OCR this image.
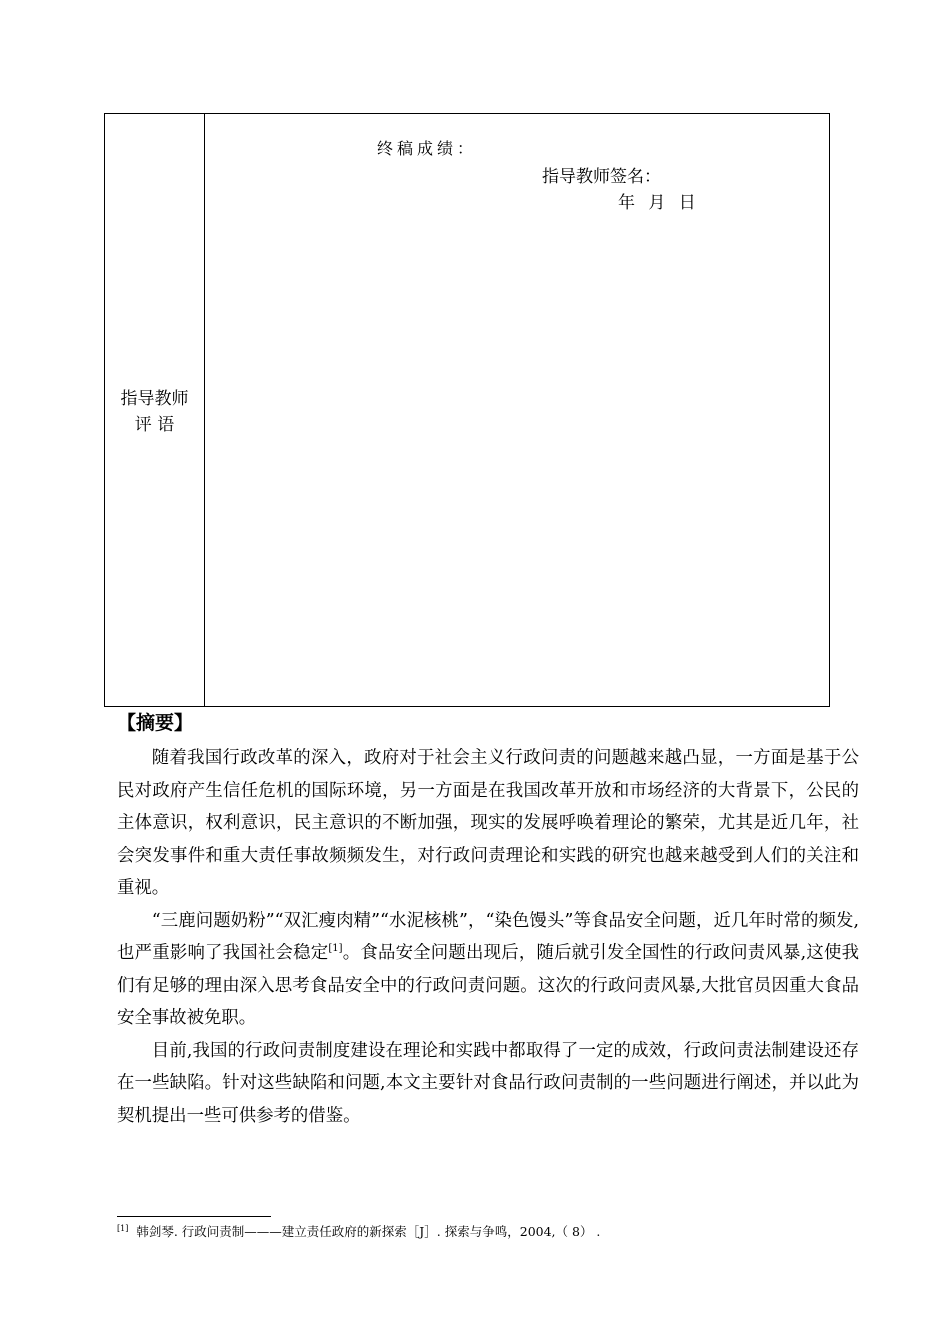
指导教师
评 语
终稿成绩：
指导教师签名：
年 月 日
【摘要】

随着我国行政改革的深入，政府对于社会主义行政问责的问题越来越凸显，一方面是基于公民对政府产生信任危机的国际环境，另一方面是在我国改革开放和市场经济的大背景下，公民的主体意识，权利意识，民主意识的不断加强，现实的发展呼唤着理论的繁荣，尤其是近几年，社会突发事件和重大责任事故频频发生，对行政问责理论和实践的研究也越来越受到人们的关注和重视。

“三鹿问题奶粉”“双汇瘦肉精”“水泥核桃”，“染色馒头”等食品安全问题，近几年时常的频发,也严重影响了我国社会稳定[1]。食品安全问题出现后，随后就引发全国性的行政问责风暴,这使我们有足够的理由深入思考食品安全中的行政问责问题。这次的行政问责风暴,大批官员因重大食品安全事故被免职。

目前,我国的行政问责制度建设在理论和实践中都取得了一定的成效，行政问责法制建设还存在一些缺陷。针对这些缺陷和问题,本文主要针对食品行政问责制的一些问题进行阐述，并以此为契机提出一些可供参考的借鉴。

[1] 韩剑琴. 行政问责制———建立责任政府的新探索［J］. 探索与争鸣，2004,（ 8） .
